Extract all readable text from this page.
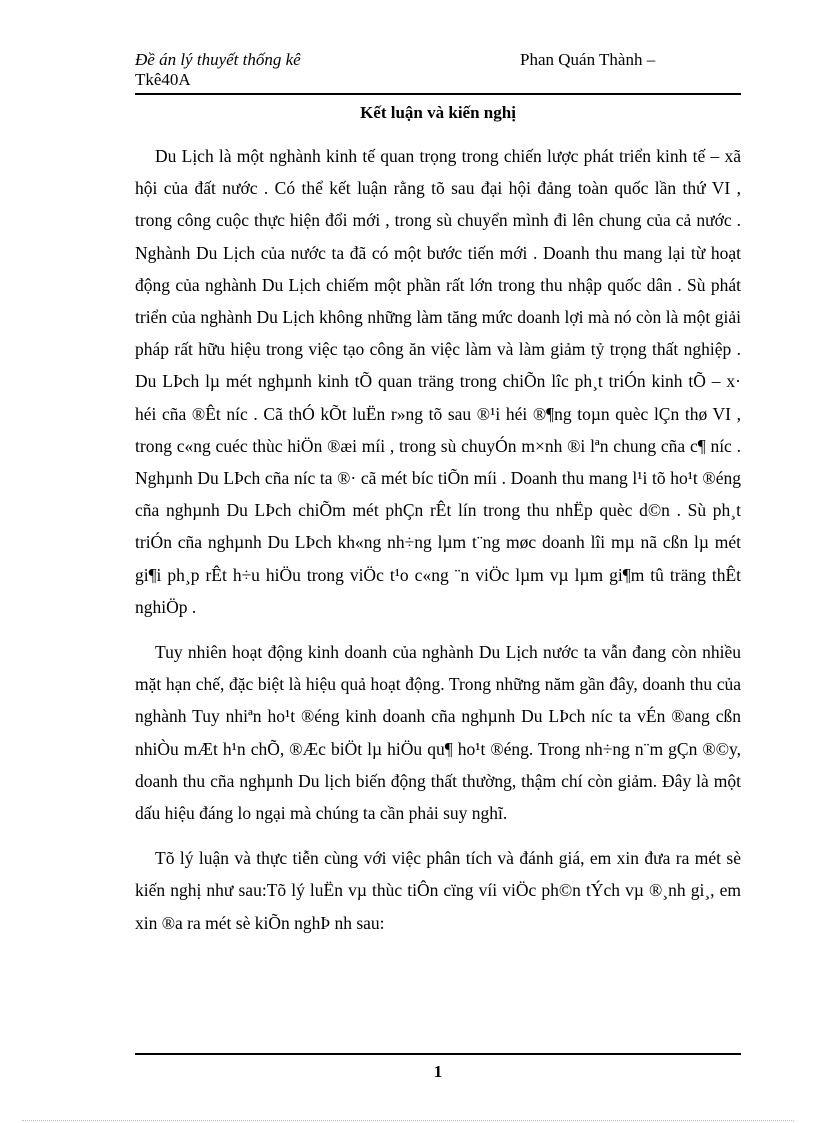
Đề án lý thuyết thống kê	Phan Quán Thành –
Tkê40A
Kết luận và kiến nghị

Du Lịch là một nghành kinh tế quan trọng trong chiến lược phát triển kinh tế – xã hội của đất nước . Có thể kết luận rằng tõ sau đại hội đảng toàn quốc lần thứ VI , trong công cuộc thực hiện đổi mới , trong sù chuyển mình đi lên chung của cả nước . Nghành Du Lịch của nước ta đã có một bước tiến mới . Doanh thu mang lại từ hoạt động của nghành Du Lịch chiếm một phần rất lớn trong thu nhập quốc dân . Sù phát triển của nghành Du Lịch không những làm tăng mức doanh lợi mà nó còn là một giải pháp rất hữu hiệu trong việc tạo công ăn việc làm và làm giảm tỷ trọng thất nghiệp . Du LÞch lµ mét nghµnh kinh tÕ quan träng trong chiÕn lîc ph¸t triÓn kinh tÕ – x· héi cña ®Êt níc . Cã thÓ kÕt luËn r»ng tõ sau ®¹i héi ®¶ng toµn quèc lÇn thø VI , trong c«ng cuéc thùc hiÖn ®æi míi , trong sù chuyÓn m×nh ®i lªn chung cña c¶ níc . Nghµnh Du LÞch cña níc ta ®· cã mét bíc tiÕn míi . Doanh thu mang l¹i tõ ho¹t ®éng cña nghµnh Du LÞch chiÕm mét phÇn rÊt lín trong thu nhËp quèc d©n . Sù ph¸t triÓn cña nghµnh Du LÞch kh«ng nh÷ng lµm t¨ng møc doanh lîi mµ nã cßn lµ mét gi¶i ph¸p rÊt h÷u hiÖu trong viÖc t¹o c«ng ¨n viÖc lµm vµ lµm gi¶m tû träng thÊt nghiÖp .

Tuy nhiên hoạt động kinh doanh của nghành Du Lịch nước ta vẫn đang còn nhiều mặt hạn chế, đặc biệt là hiệu quả hoạt động. Trong những năm gần đây, doanh thu của nghành Tuy nhiªn ho¹t ®éng kinh doanh cña nghµnh Du LÞch níc ta vÉn ®ang cßn nhiÒu mÆt h¹n chÕ, ®Æc biÖt lµ hiÖu qu¶ ho¹t ®éng. Trong nh÷ng n¨m gÇn ®©y, doanh thu cña nghµnh Du lịch biến động thất thường, thậm chí còn giảm. Đây là một dấu hiệu đáng lo ngại mà chúng ta cần phải suy nghĩ.

Tõ lý luận và thực tiễn cùng với việc phân tích và đánh giá, em xin đưa ra mét sè kiến nghị như sau:Tõ lý luËn vµ thùc tiÔn cïng víi viÖc ph©n tÝch vµ ®¸nh gi¸, em xin ®a ra mét sè kiÕn nghÞ nh sau:

1
